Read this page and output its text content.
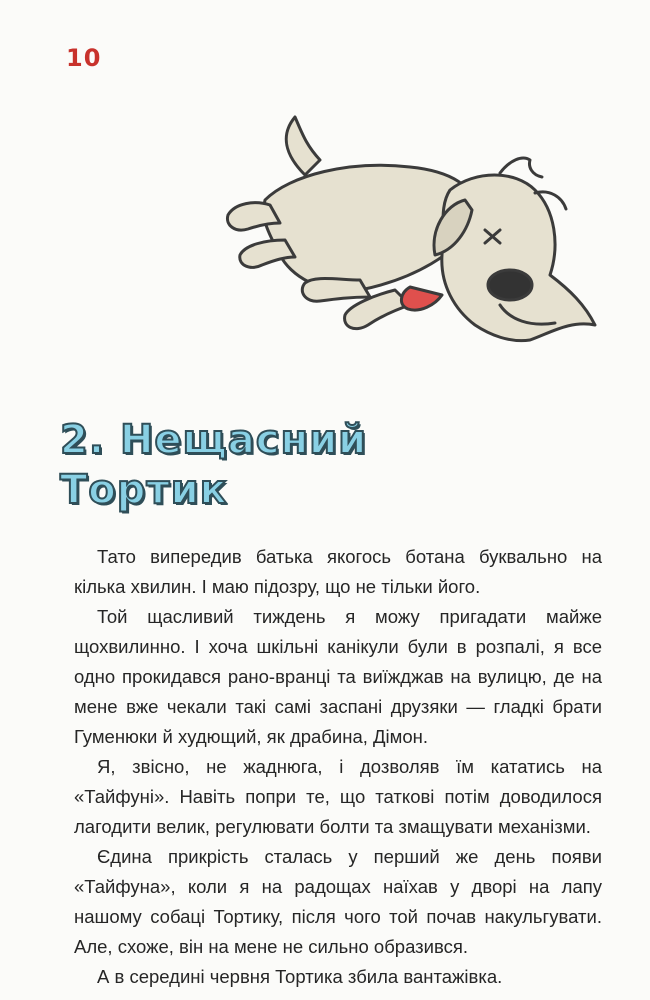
10
2. Нещасний
Тортик

Тато випередив батька якогось ботана буквально на кілька хвилин. І маю підозру, що не тільки його.

Той щасливий тиждень я можу пригадати майже щохвилинно. І хоча шкільні канікули були в розпалі, я все одно прокидався рано-вранці та виїжджав на вулицю, де на мене вже чекали такі самі заспані друзяки — гладкі брати Гуменюки й худющий, як драбина, Дімон.

Я, звісно, не жаднюга, і дозволяв їм кататись на «Тайфуні». Навіть попри те, що таткові потім доводилося лагодити велик, регулювати болти та змащувати механізми.

Єдина прикрість сталась у перший же день появи «Тайфуна», коли я на радощах наїхав у дворі на лапу нашому собаці Тортику, після чого той почав накульгувати. Але, схоже, він на мене не сильно образився.

А в середині червня Тортика збила вантажівка.
